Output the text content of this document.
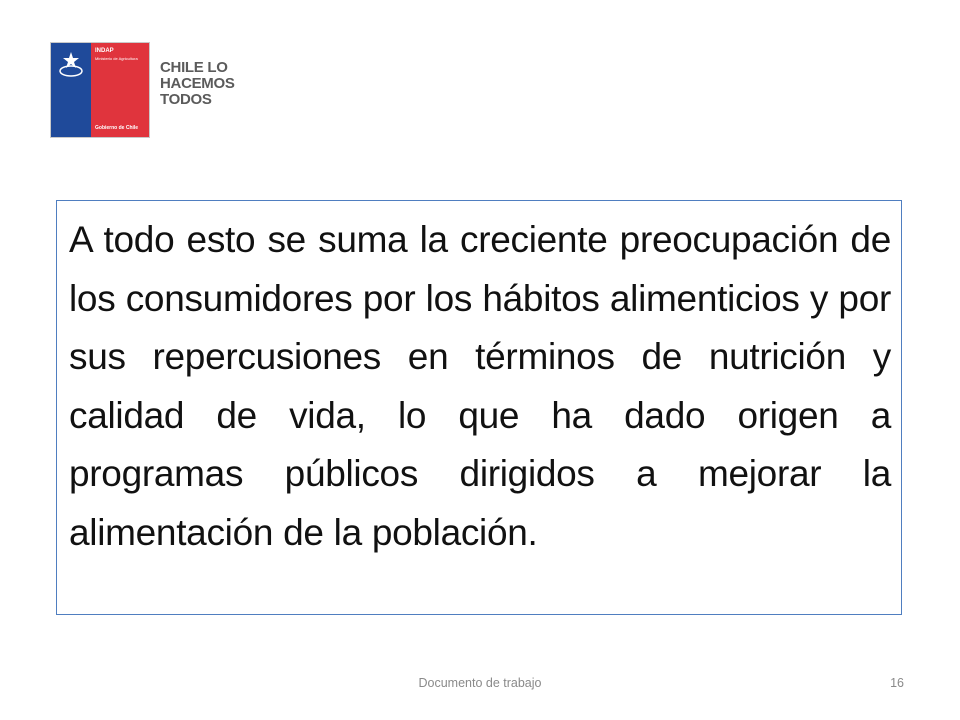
INDAP
Ministerio de Agricultura
Gobierno de Chile
CHILE LO
HACEMOS
TODOS

A todo esto se suma la creciente preocupación de los consumidores por los hábitos alimenticios y por sus repercusiones en términos de nutrición y calidad de vida, lo que ha dado origen a programas públicos dirigidos a mejorar la alimentación de la población.

Documento de trabajo	16
